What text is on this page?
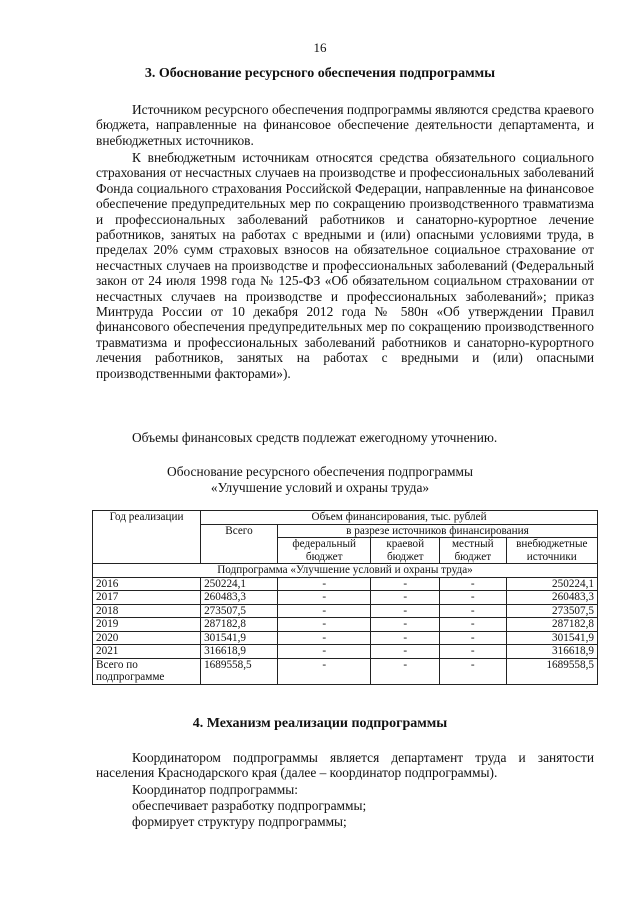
16
3. Обоснование ресурсного обеспечения подпрограммы
Источником ресурсного обеспечения подпрограммы являются средства краевого бюджета, направленные на финансовое обеспечение деятельности департамента, и внебюджетных источников.
К внебюджетным источникам относятся средства обязательного социального страхования от несчастных случаев на производстве и профессиональных заболеваний Фонда социального страхования Российской Федерации, направленные на финансовое обеспечение предупредительных мер по сокращению производственного травматизма и профессиональных заболеваний работников и санаторно-курортное лечение работников, занятых на работах с вредными и (или) опасными условиями труда, в пределах 20% сумм страховых взносов на обязательное социальное страхование от несчастных случаев на производстве и профессиональных заболеваний (Федеральный закон от 24 июля 1998 года № 125-ФЗ «Об обязательном социальном страховании от несчастных случаев на производстве и профессиональных заболеваний»; приказ Минтруда России от 10 декабря 2012 года № 580н «Об утверждении Правил финансового обеспечения предупредительных мер по сокращению производственного травматизма и профессиональных заболеваний работников и санаторно-курортного лечения работников, занятых на работах с вредными и (или) опасными производственными факторами»).
Объемы финансовых средств подлежат ежегодному уточнению.
Обоснование ресурсного обеспечения подпрограммы
«Улучшение условий и охраны труда»
Год реализации	Объем финансирования, тыс. рублей				
	Всего	в разрезе источников финансирования			
		федеральный бюджет	краевой бюджет	местный бюджет	внебюджетные источники
Подпрограмма «Улучшение условий и охраны труда»					
2016	250224,1	-	-	-	250224,1
2017	260483,3	-	-	-	260483,3
2018	273507,5	-	-	-	273507,5
2019	287182,8	-	-	-	287182,8
2020	301541,9	-	-	-	301541,9
2021	316618,9	-	-	-	316618,9
Всего по подпрограмме	1689558,5	-	-	-	1689558,5
4. Механизм реализации подпрограммы
Координатором подпрограммы является департамент труда и занятости населения Краснодарского края (далее – координатор подпрограммы).
Координатор подпрограммы:
обеспечивает разработку подпрограммы;
формирует структуру подпрограммы;
